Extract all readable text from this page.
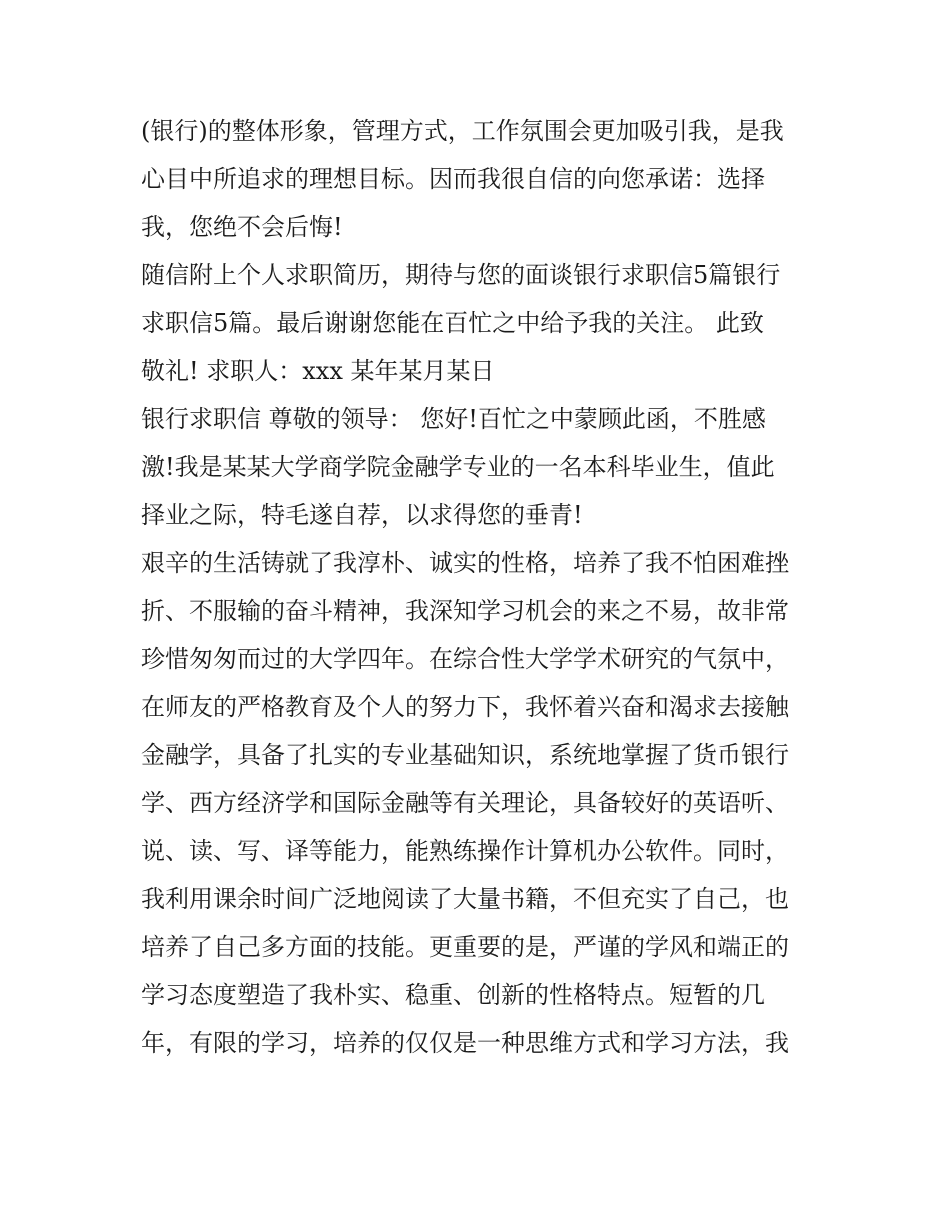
(银行)的整体形象，管理方式，工作氛围会更加吸引我，是我
心目中所追求的理想目标。因而我很自信的向您承诺：选择
我，您绝不会后悔!
随信附上个人求职简历，期待与您的面谈银行求职信5篇银行
求职信5篇。最后谢谢您能在百忙之中给予我的关注。 此致
敬礼! 求职人：xxx 某年某月某日
银行求职信 尊敬的领导： 您好!百忙之中蒙顾此函，不胜感
激!我是某某大学商学院金融学专业的一名本科毕业生，值此
择业之际，特毛遂自荐，以求得您的垂青!
艰辛的生活铸就了我淳朴、诚实的性格，培养了我不怕困难挫
折、不服输的奋斗精神，我深知学习机会的来之不易，故非常
珍惜匆匆而过的大学四年。在综合性大学学术研究的气氛中，
在师友的严格教育及个人的努力下，我怀着兴奋和渴求去接触
金融学，具备了扎实的专业基础知识，系统地掌握了货币银行
学、西方经济学和国际金融等有关理论，具备较好的英语听、
说、读、写、译等能力，能熟练操作计算机办公软件。同时，
我利用课余时间广泛地阅读了大量书籍，不但充实了自己，也
培养了自己多方面的技能。更重要的是，严谨的学风和端正的
学习态度塑造了我朴实、稳重、创新的性格特点。短暂的几
年，有限的学习，培养的仅仅是一种思维方式和学习方法，我
